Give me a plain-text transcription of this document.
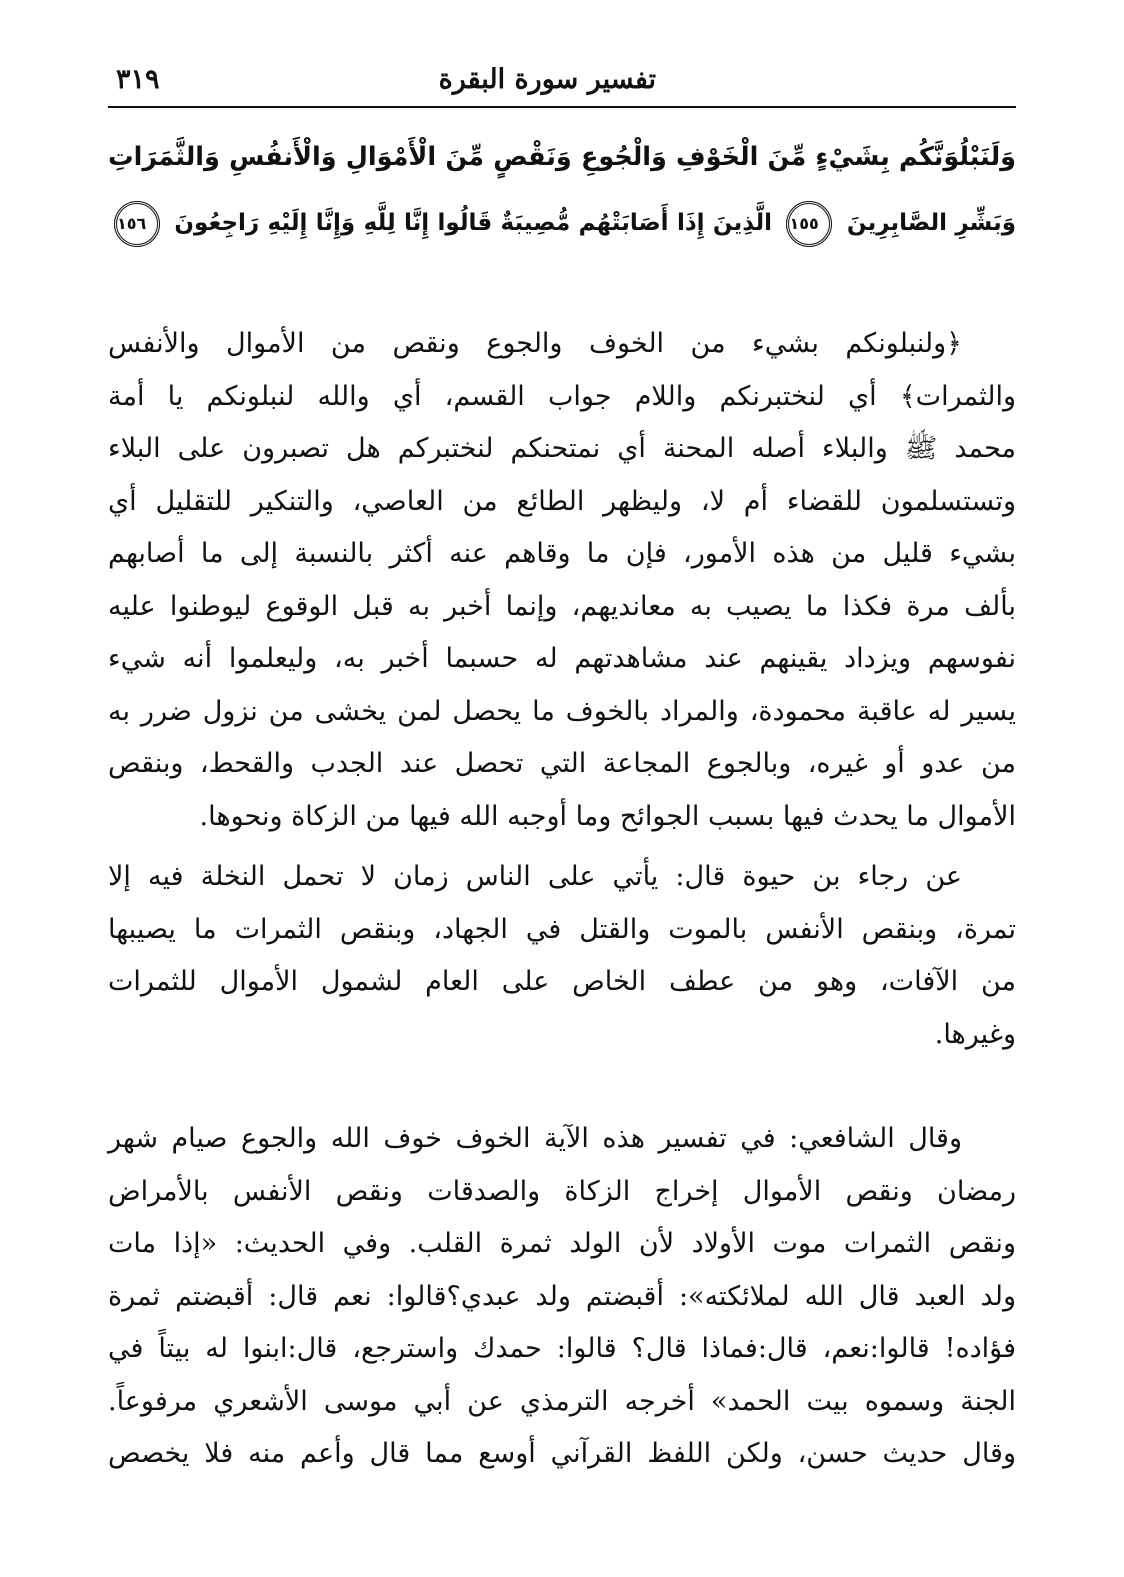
تفسير سورة البقرة
٣١٩
وَلَنَبْلُوَنَّكُم بِشَيْءٍ مِّنَ الْخَوْفِ وَالْجُوعِ وَنَقْصٍ مِّنَ الْأَمْوَالِ وَالْأَنفُسِ وَالثَّمَرَاتِ
وَبَشِّرِ الصَّابِرِينَ ١٥٥ الَّذِينَ إِذَا أَصَابَتْهُم مُّصِيبَةٌ قَالُوا إِنَّا لِلَّهِ وَإِنَّا إِلَيْهِ رَاجِعُونَ ١٥٦
﴿ولنبلونكم بشيء من الخوف والجوع ونقص من الأموال والأنفس
والثمرات﴾ أي لنختبرنكم واللام جواب القسم، أي والله لنبلونكم يا أمة
محمد ﷺ والبلاء أصله المحنة أي نمتحنكم لنختبركم هل تصبرون على البلاء
وتستسلمون للقضاء أم لا، وليظهر الطائع من العاصي، والتنكير للتقليل أي
بشيء قليل من هذه الأمور، فإن ما وقاهم عنه أكثر بالنسبة إلى ما أصابهم
بألف مرة فكذا ما يصيب به معانديهم، وإنما أخبر به قبل الوقوع ليوطنوا عليه
نفوسهم ويزداد يقينهم عند مشاهدتهم له حسبما أخبر به، وليعلموا أنه شيء
يسير له عاقبة محمودة، والمراد بالخوف ما يحصل لمن يخشى من نزول ضرر به
من عدو أو غيره، وبالجوع المجاعة التي تحصل عند الجدب والقحط، وبنقص
الأموال ما يحدث فيها بسبب الجوائح وما أوجبه الله فيها من الزكاة ونحوها.
عن رجاء بن حيوة قال: يأتي على الناس زمان لا تحمل النخلة فيه إلا
تمرة، وبنقص الأنفس بالموت والقتل في الجهاد، وبنقص الثمرات ما يصيبها
من الآفات، وهو من عطف الخاص على العام لشمول الأموال للثمرات
وغيرها.
وقال الشافعي: في تفسير هذه الآية الخوف خوف الله والجوع صيام شهر
رمضان ونقص الأموال إخراج الزكاة والصدقات ونقص الأنفس بالأمراض
ونقص الثمرات موت الأولاد لأن الولد ثمرة القلب. وفي الحديث: «إذا مات
ولد العبد قال الله لملائكته»: أقبضتم ولد عبدي؟قالوا: نعم قال: أقبضتم ثمرة
فؤاده! قالوا:نعم، قال:فماذا قال؟ قالوا: حمدك واسترجع، قال:ابنوا له بيتاً في
الجنة وسموه بيت الحمد» أخرجه الترمذي عن أبي موسى الأشعري مرفوعاً.
وقال حديث حسن، ولكن اللفظ القرآني أوسع مما قال وأعم منه فلا يخصص
